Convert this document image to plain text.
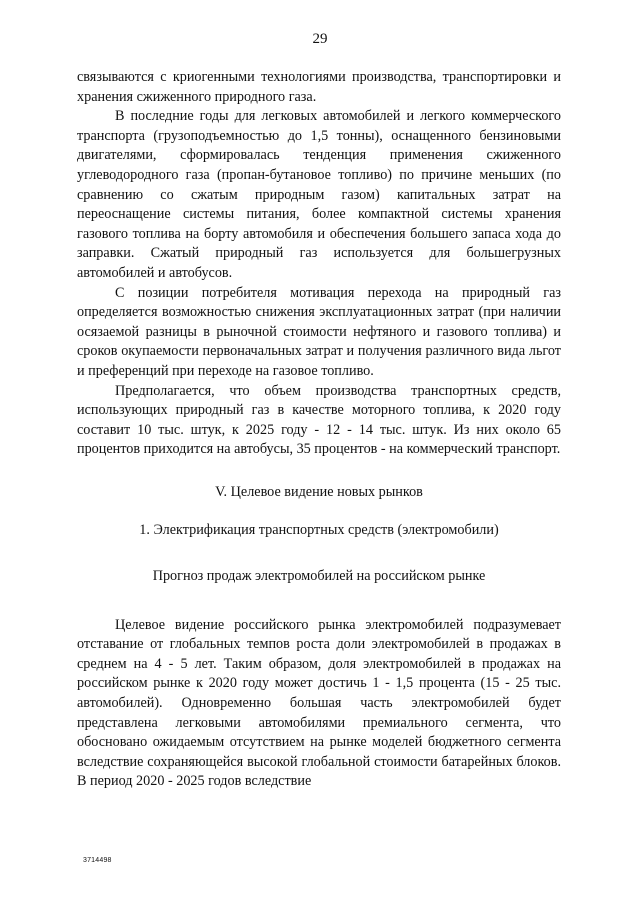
29

связываются с криогенными технологиями производства, транспортировки и хранения сжиженного природного газа.

В последние годы для легковых автомобилей и легкого коммерческого транспорта (грузоподъемностью до 1,5 тонны), оснащенного бензиновыми двигателями, сформировалась тенденция применения сжиженного углеводородного газа (пропан-бутановое топливо) по причине меньших (по сравнению со сжатым природным газом) капитальных затрат на переоснащение системы питания, более компактной системы хранения газового топлива на борту автомобиля и обеспечения большего запаса хода до заправки. Сжатый природный газ используется для большегрузных автомобилей и автобусов.

С позиции потребителя мотивация перехода на природный газ определяется возможностью снижения эксплуатационных затрат (при наличии осязаемой разницы в рыночной стоимости нефтяного и газового топлива) и сроков окупаемости первоначальных затрат и получения различного вида льгот и преференций при переходе на газовое топливо.

Предполагается, что объем производства транспортных средств, использующих природный газ в качестве моторного топлива, к 2020 году составит 10 тыс. штук, к 2025 году - 12 - 14 тыс. штук. Из них около 65 процентов приходится на автобусы, 35 процентов - на коммерческий транспорт.

V. Целевое видение новых рынков

1. Электрификация транспортных средств (электромобили)

Прогноз продаж электромобилей на российском рынке

Целевое видение российского рынка электромобилей подразумевает отставание от глобальных темпов роста доли электромобилей в продажах в среднем на 4 - 5 лет. Таким образом, доля электромобилей в продажах на российском рынке к 2020 году может достичь 1 - 1,5 процента (15 - 25 тыс. автомобилей). Одновременно большая часть электромобилей будет представлена легковыми автомобилями премиального сегмента, что обосновано ожидаемым отсутствием на рынке моделей бюджетного сегмента вследствие сохраняющейся высокой глобальной стоимости батарейных блоков. В период 2020 - 2025 годов вследствие

3714498
